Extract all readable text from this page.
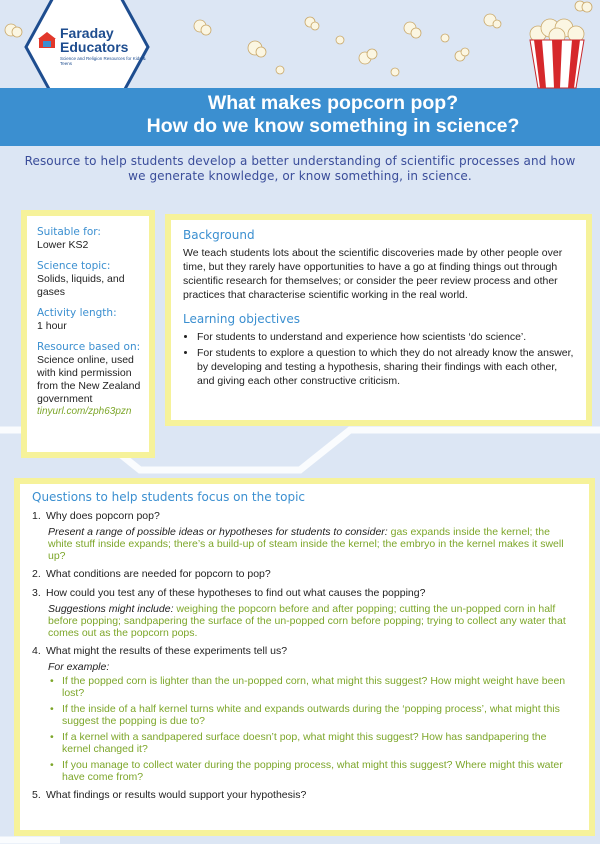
Faraday
Educators
Science and Religion Resources for Kids & Teens
What makes popcorn pop?
How do we know something in science?
Resource to help students develop a better understanding of scientific processes and how we generate knowledge, or know something, in science.
Suitable for:
Lower KS2
Science topic:
Solids, liquids, and gases
Activity length:
1 hour
Resource based on:
Science online, used with kind permission from the New Zealand government
tinyurl.com/zph63pzn
Background
We teach students lots about the scientific discoveries made by other people over time, but they rarely have opportunities to have a go at finding things out through scientific research for themselves; or consider the peer review process and other practices that characterise scientific working in the real world.
Learning objectives
• For students to understand and experience how scientists ‘do science’.
• For students to explore a question to which they do not already know the answer, by developing and testing a hypothesis, sharing their findings with each other, and giving each other constructive criticism.
Questions to help students focus on the topic
1. Why does popcorn pop?
Present a range of possible ideas or hypotheses for students to consider: gas expands inside the kernel; the white stuff inside expands; there’s a build-up of steam inside the kernel; the embryo in the kernel makes it swell up?
2. What conditions are needed for popcorn to pop?
3. How could you test any of these hypotheses to find out what causes the popping?
Suggestions might include: weighing the popcorn before and after popping; cutting the un-popped corn in half before popping; sandpapering the surface of the un-popped corn before popping; trying to collect any water that comes out as the popcorn pops.
4. What might the results of these experiments tell us?
For example:
• If the popped corn is lighter than the un-popped corn, what might this suggest? How might weight have been lost?
• If the inside of a half kernel turns white and expands outwards during the ‘popping process’, what might this suggest the popping is due to?
• If a kernel with a sandpapered surface doesn’t pop, what might this suggest? How has sandpapering the kernel changed it?
• If you manage to collect water during the popping process, what might this suggest? Where might this water have come from?
5. What findings or results would support your hypothesis?
